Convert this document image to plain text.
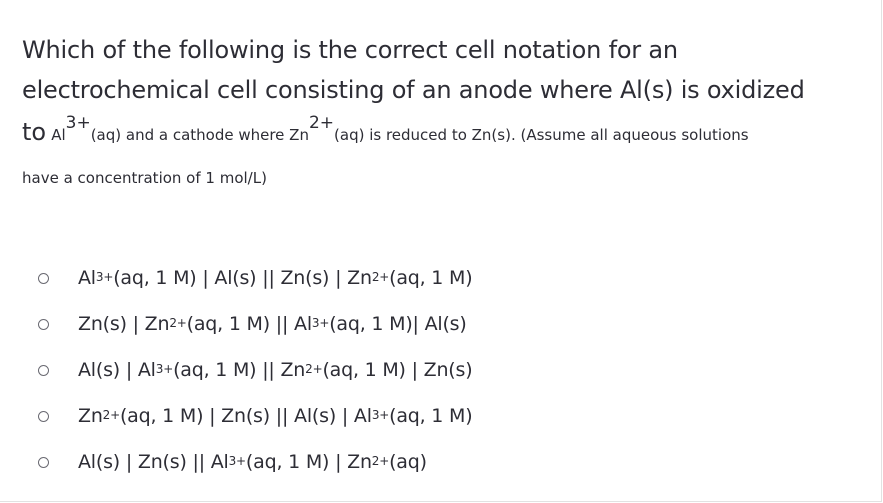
Which of the following is the correct cell notation for an
electrochemical cell consisting of an anode where Al(s) is oxidized
to Al3+(aq) and a cathode where Zn2+(aq) is reduced to Zn(s). (Assume all aqueous solutions
have a concentration of 1 mol/L)
$Al^{3+}(aq$, 1 M) | Al(s) || Zn(s) | $Zn^{2+}(aq$, 1 M)
Zn(s) | $Zn^{2+}(aq$, 1 M) || $Al^{3+}(aq$, 1 M)| Al(s)
Al(s) | $Al^{3+}(aq$, 1 M) || $Zn^{2+}(aq$, 1 M) | Zn(s)
$Zn^{2+}(aq$, 1 M) | Zn(s) || Al(s) | $Al^{3+}(aq$, 1 M)
Al(s) | Zn(s) || $Al^{3+}(aq$, 1 M) | $Zn^{2+}(aq)$
